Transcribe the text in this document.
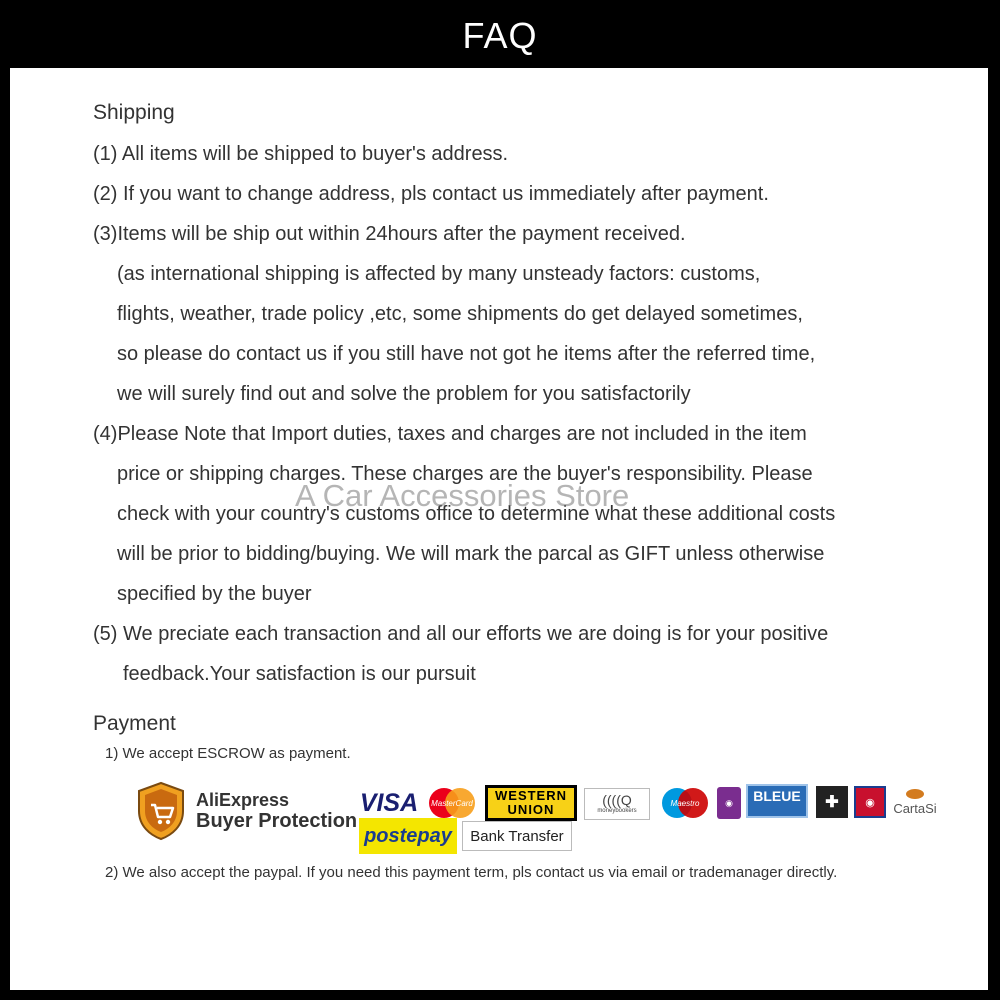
FAQ
Shipping
(1) All items will be shipped to buyer's address.
(2) If you want to change address, pls contact us immediately after payment.
(3)Items will be ship out within 24hours after the payment received.
(as international shipping is affected by many unsteady factors: customs,
flights, weather, trade policy ,etc, some shipments do get delayed sometimes,
so please do contact us if you still have not got he items after the referred time,
we will surely find out and solve the problem for you satisfactorily
(4)Please Note that Import duties, taxes and charges are not included in the item
price or shipping charges. These charges are the buyer's responsibility. Please
check with your country's customs office to determine what these additional costs
will be prior to bidding/buying. We will mark the parcal as GIFT unless otherwise
specified by the buyer
(5) We preciate each transaction and all our efforts we are doing is for your positive
feedback.Your satisfaction is our pursuit
A Car Accessories Store
Payment
1) We accept ESCROW as payment.
AliExpress
Buyer Protection
VISA	MasterCard
WESTERN
UNION
((((Q
moneybookers
Maestro	◉	BLEUE	✚	◉	CartaSi
postepay	Bank Transfer
2) We also accept the paypal. If you need this payment term, pls contact us via email or trademanager directly.
